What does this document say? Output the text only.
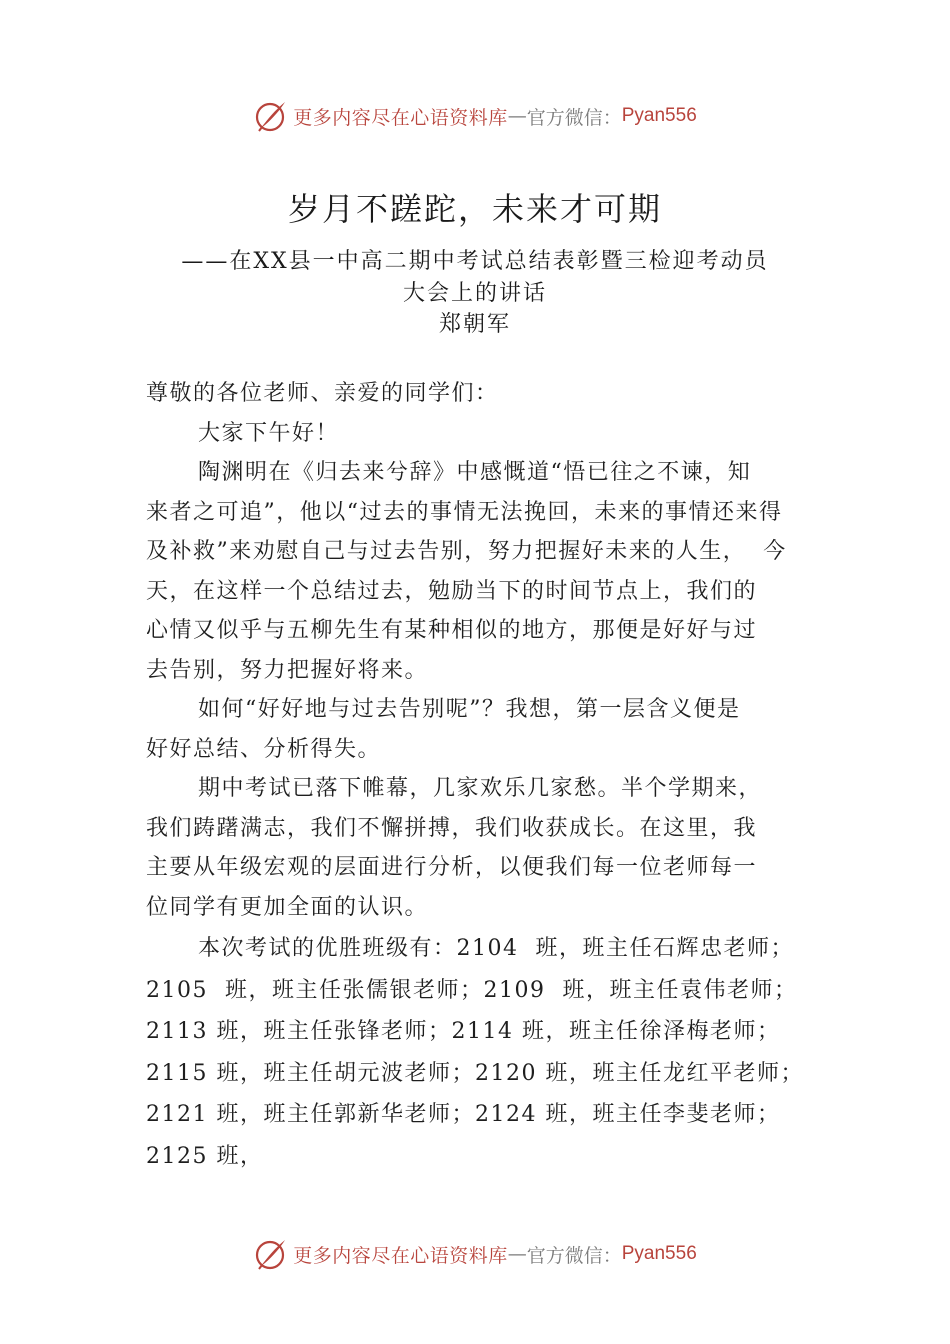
更多内容尽在心语资料库 — 官方微信： Pyan556
岁月不蹉跎，未来才可期
——在XX县一中高二期中考试总结表彰暨三检迎考动员
大会上的讲话
郑朝军

尊敬的各位老师、亲爱的同学们：

大家下午好！

陶渊明在《归去来兮辞》中感慨道“悟已往之不谏，知

来者之可追”，他以“过去的事情无法挽回，未来的事情还来得

及补救”来劝慰自己与过去告别，努力把握好未来的人生，  今

天，在这样一个总结过去，勉励当下的时间节点上，我们的

心情又似乎与五柳先生有某种相似的地方，那便是好好与过

去告别，努力把握好将来。

如何“好好地与过去告别呢”？我想，第一层含义便是

好好总结、分析得失。

期中考试已落下帷幕，几家欢乐几家愁。半个学期来，

我们踌躇满志，我们不懈拼搏，我们收获成长。在这里，我

主要从年级宏观的层面进行分析，以便我们每一位老师每一

位同学有更加全面的认识。

本次考试的优胜班级有：2104  班，班主任石辉忠老师；

2105  班，班主任张儒银老师；2109  班，班主任袁伟老师；

2113 班，班主任张锋老师；2114 班，班主任徐泽梅老师；

2115 班，班主任胡元波老师；2120 班，班主任龙红平老师；

2121 班，班主任郭新华老师；2124 班，班主任李斐老师；

2125 班，

更多内容尽在心语资料库 — 官方微信： Pyan556
